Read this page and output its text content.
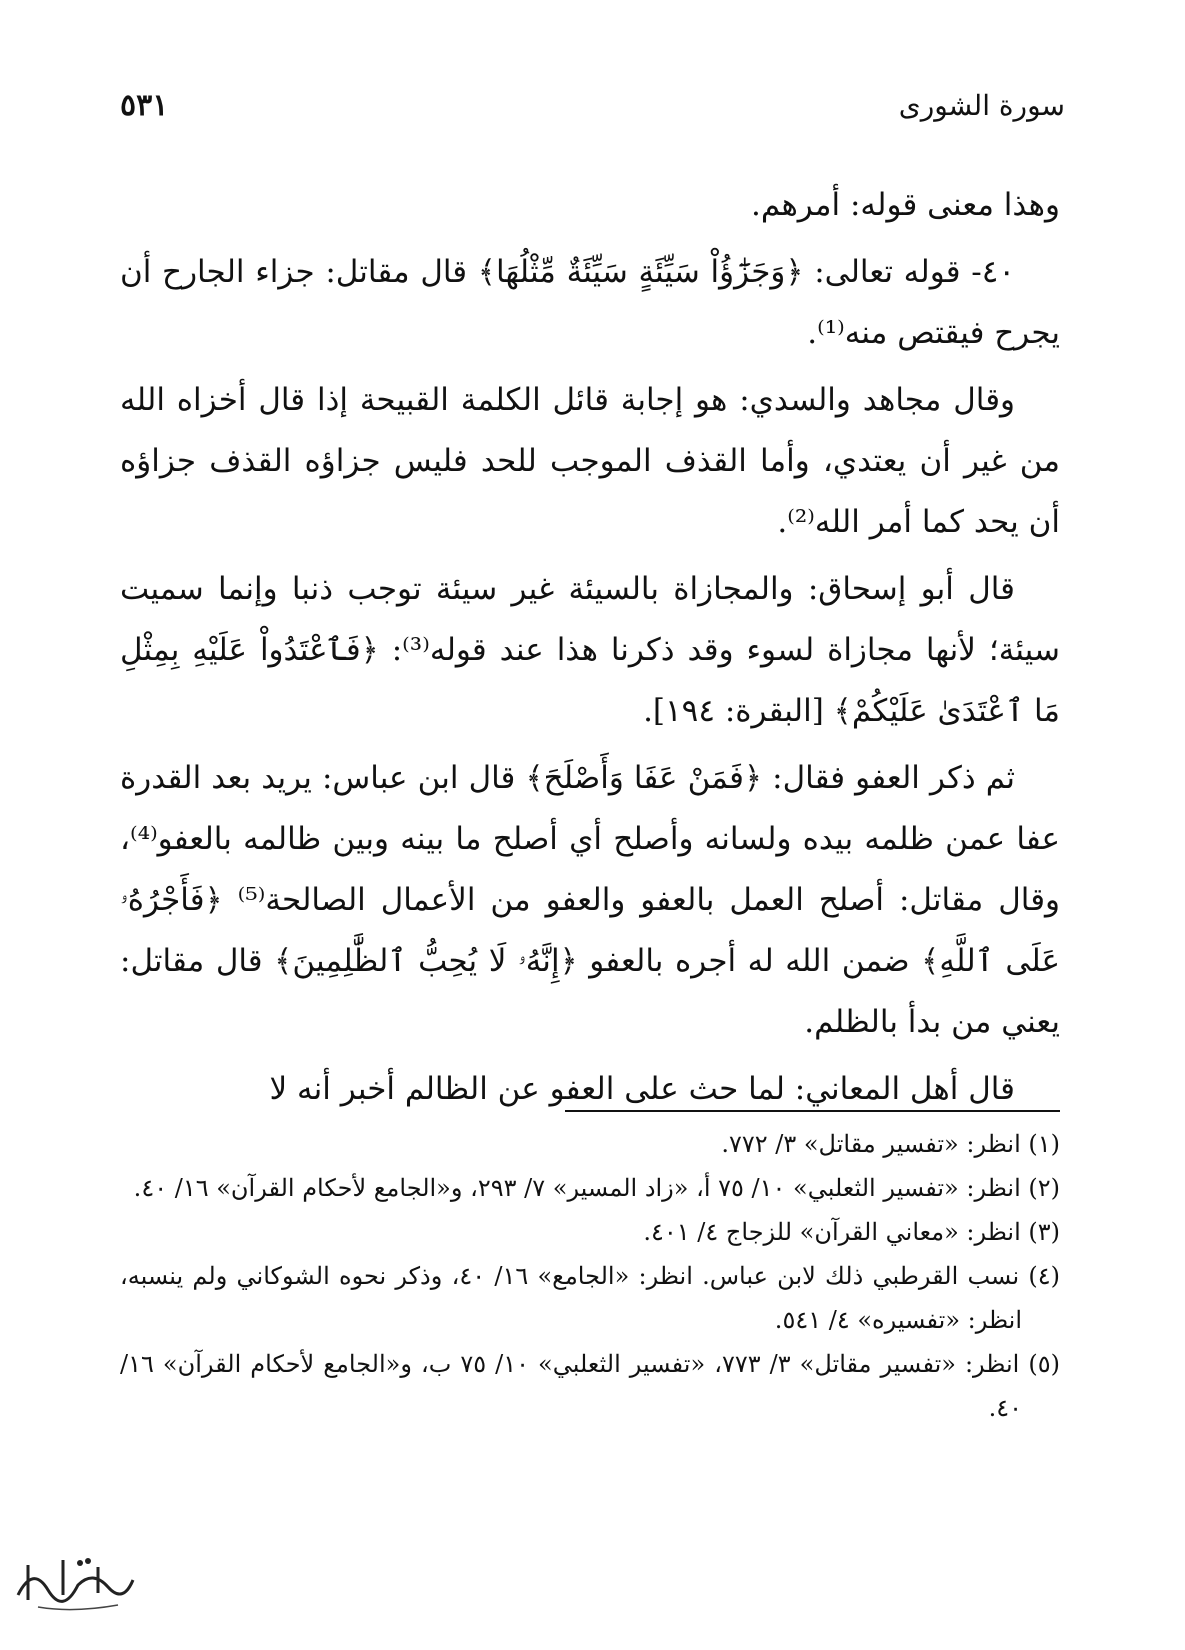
٥٣١	سورة الشورى

وهذا معنى قوله: أمرهم.

٤٠- قوله تعالى: ﴿وَجَزَٰٓؤُاْ سَيِّئَةٍ سَيِّئَةٌ مِّثْلُهَا﴾ قال مقاتل: جزاء الجارح أن يجرح فيقتص منه⁽¹⁾.

وقال مجاهد والسدي: هو إجابة قائل الكلمة القبيحة إذا قال أخزاه الله من غير أن يعتدي، وأما القذف الموجب للحد فليس جزاؤه القذف جزاؤه أن يحد كما أمر الله⁽²⁾.

قال أبو إسحاق: والمجازاة بالسيئة غير سيئة توجب ذنبا وإنما سميت سيئة؛ لأنها مجازاة لسوء وقد ذكرنا هذا عند قوله⁽³⁾: ﴿فَٱعْتَدُواْ عَلَيْهِ بِمِثْلِ مَا ٱعْتَدَىٰ عَلَيْكُمْ﴾ [البقرة: ١٩٤].

ثم ذكر العفو فقال: ﴿فَمَنْ عَفَا وَأَصْلَحَ﴾ قال ابن عباس: يريد بعد القدرة عفا عمن ظلمه بيده ولسانه وأصلح أي أصلح ما بينه وبين ظالمه بالعفو⁽⁴⁾، وقال مقاتل: أصلح العمل بالعفو والعفو من الأعمال الصالحة⁽⁵⁾ ﴿فَأَجْرُهُۥ عَلَى ٱللَّهِ﴾ ضمن الله له أجره بالعفو ﴿إِنَّهُۥ لَا يُحِبُّ ٱلظَّٰلِمِينَ﴾ قال مقاتل: يعني من بدأ بالظلم.

قال أهل المعاني: لما حث على العفو عن الظالم أخبر أنه لا

(١) انظر: «تفسير مقاتل» ٣/ ٧٧٢.

(٢) انظر: «تفسير الثعلبي» ١٠/ ٧٥ أ، «زاد المسير» ٧/ ٢٩٣، و«الجامع لأحكام القرآن» ١٦/ ٤٠.

(٣) انظر: «معاني القرآن» للزجاج ٤/ ٤٠١.

(٤) نسب القرطبي ذلك لابن عباس. انظر: «الجامع» ١٦/ ٤٠، وذكر نحوه الشوكاني ولم ينسبه، انظر: «تفسيره» ٤/ ٥٤١.

(٥) انظر: «تفسير مقاتل» ٣/ ٧٧٣، «تفسير الثعلبي» ١٠/ ٧٥ ب، و«الجامع لأحكام القرآن» ١٦/ ٤٠.
